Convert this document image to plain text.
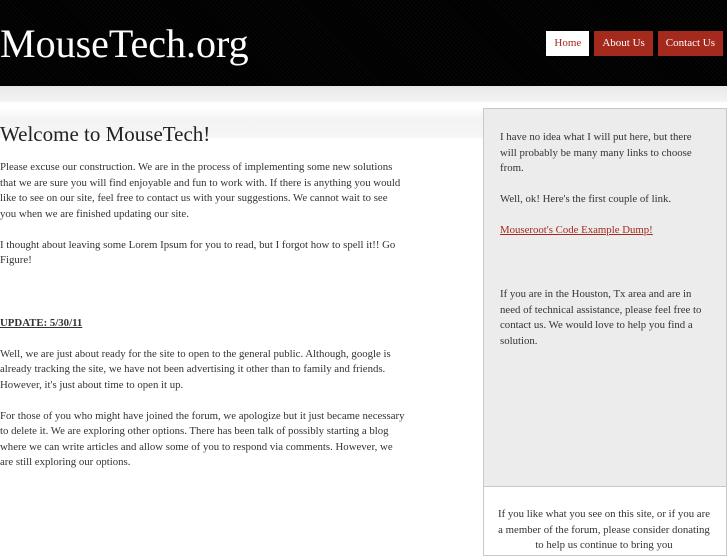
MouseTech.org	Home	About Us	Contact Us
Welcome to MouseTech!

Please excuse our construction. We are in the process of implementing some new solutions that we are sure you will find enjoyable and fun to work with. If there is anything you would like to see on our site, feel free to contact us with your suggestions. We cannot wait to see you when we are finished updating our site.

I thought about leaving some Lorem Ipsum for you to read, but I forgot how to spell it!! Go Figure!

UPDATE: 5/30/11

Well, we are just about ready for the site to open to the general public. Although, google is already tracking the site, we have not been advertising it other than to family and friends. However, it's just about time to open it up.

For those of you who might have joined the forum, we apologize but it just became necessary to delete it. We are exploring other options. There has been talk of possibly starting a blog where we can write articles and allow some of you to respond via comments. However, we are still exploring our options.

I have no idea what I will put here, but there will probably be many many links to choose from.

Well, ok! Here's the first couple of link.

Mouseroot's Code Example Dump!

If you are in the Houston, Tx area and are in need of technical assistance, please feel free to contact us. We would love to help you find a solution.

If you like what you see on this site, or if you are a member of the forum, please consider donating to help us continue to bring you
